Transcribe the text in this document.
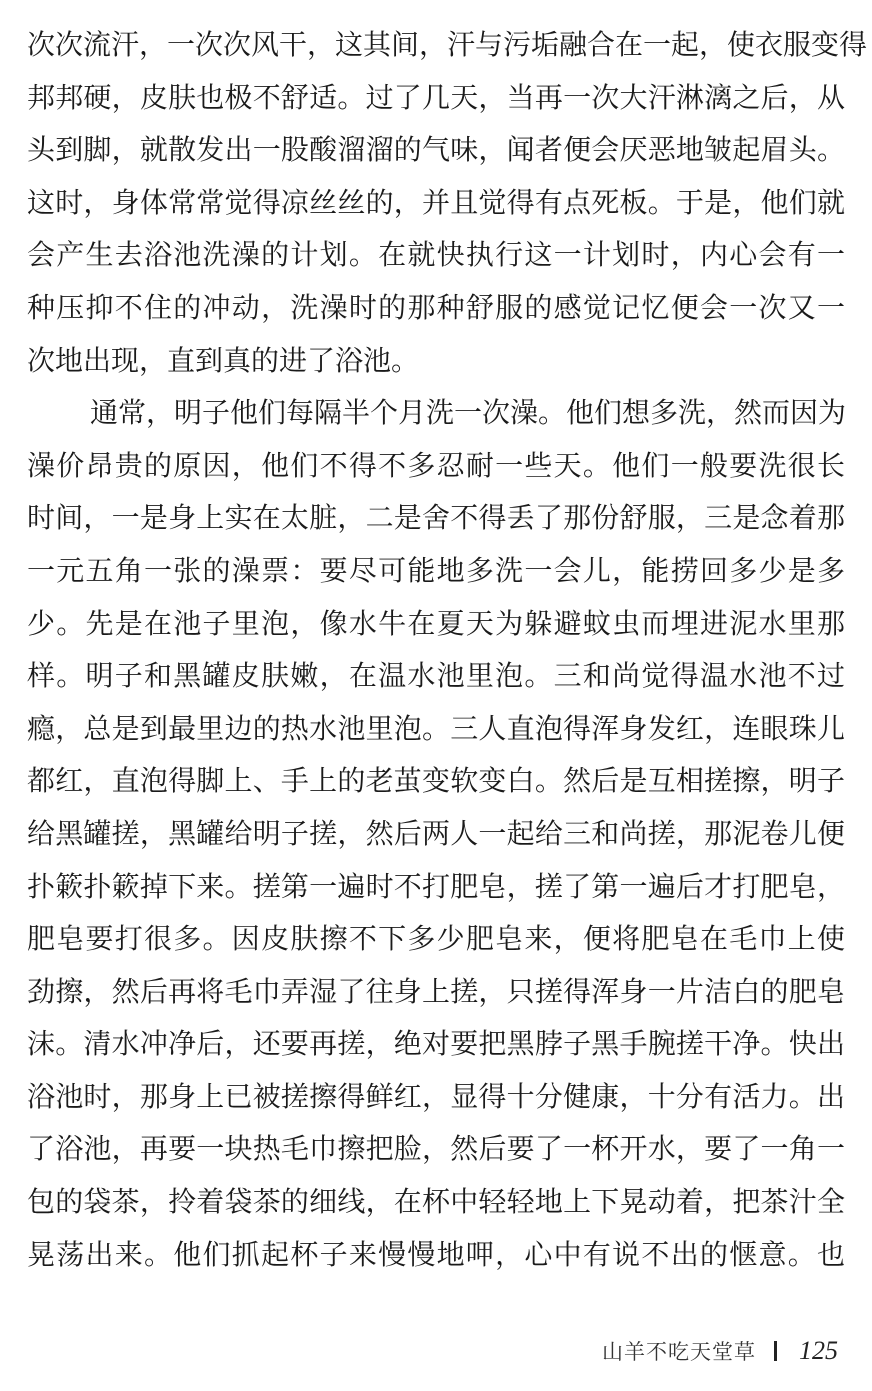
次次流汗，一次次风干，这其间，汗与污垢融合在一起，使衣服变得
邦邦硬，皮肤也极不舒适。过了几天，当再一次大汗淋漓之后，从
头到脚，就散发出一股酸溜溜的气味，闻者便会厌恶地皱起眉头。
这时，身体常常觉得凉丝丝的，并且觉得有点死板。于是，他们就
会产生去浴池洗澡的计划。在就快执行这一计划时，内心会有一
种压抑不住的冲动，洗澡时的那种舒服的感觉记忆便会一次又一
次地出现，直到真的进了浴池。
通常，明子他们每隔半个月洗一次澡。他们想多洗，然而因为
澡价昂贵的原因，他们不得不多忍耐一些天。他们一般要洗很长
时间，一是身上实在太脏，二是舍不得丢了那份舒服，三是念着那
一元五角一张的澡票：要尽可能地多洗一会儿，能捞回多少是多
少。先是在池子里泡，像水牛在夏天为躲避蚊虫而埋进泥水里那
样。明子和黑罐皮肤嫩，在温水池里泡。三和尚觉得温水池不过
瘾，总是到最里边的热水池里泡。三人直泡得浑身发红，连眼珠儿
都红，直泡得脚上、手上的老茧变软变白。然后是互相搓擦，明子
给黑罐搓，黑罐给明子搓，然后两人一起给三和尚搓，那泥卷儿便
扑簌扑簌掉下来。搓第一遍时不打肥皂，搓了第一遍后才打肥皂，
肥皂要打很多。因皮肤擦不下多少肥皂来，便将肥皂在毛巾上使
劲擦，然后再将毛巾弄湿了往身上搓，只搓得浑身一片洁白的肥皂
沫。清水冲净后，还要再搓，绝对要把黑脖子黑手腕搓干净。快出
浴池时，那身上已被搓擦得鲜红，显得十分健康，十分有活力。出
了浴池，再要一块热毛巾擦把脸，然后要了一杯开水，要了一角一
包的袋茶，拎着袋茶的细线，在杯中轻轻地上下晃动着，把茶汁全
晃荡出来。他们抓起杯子来慢慢地呷，心中有说不出的惬意。也
山羊不吃天堂草 125
